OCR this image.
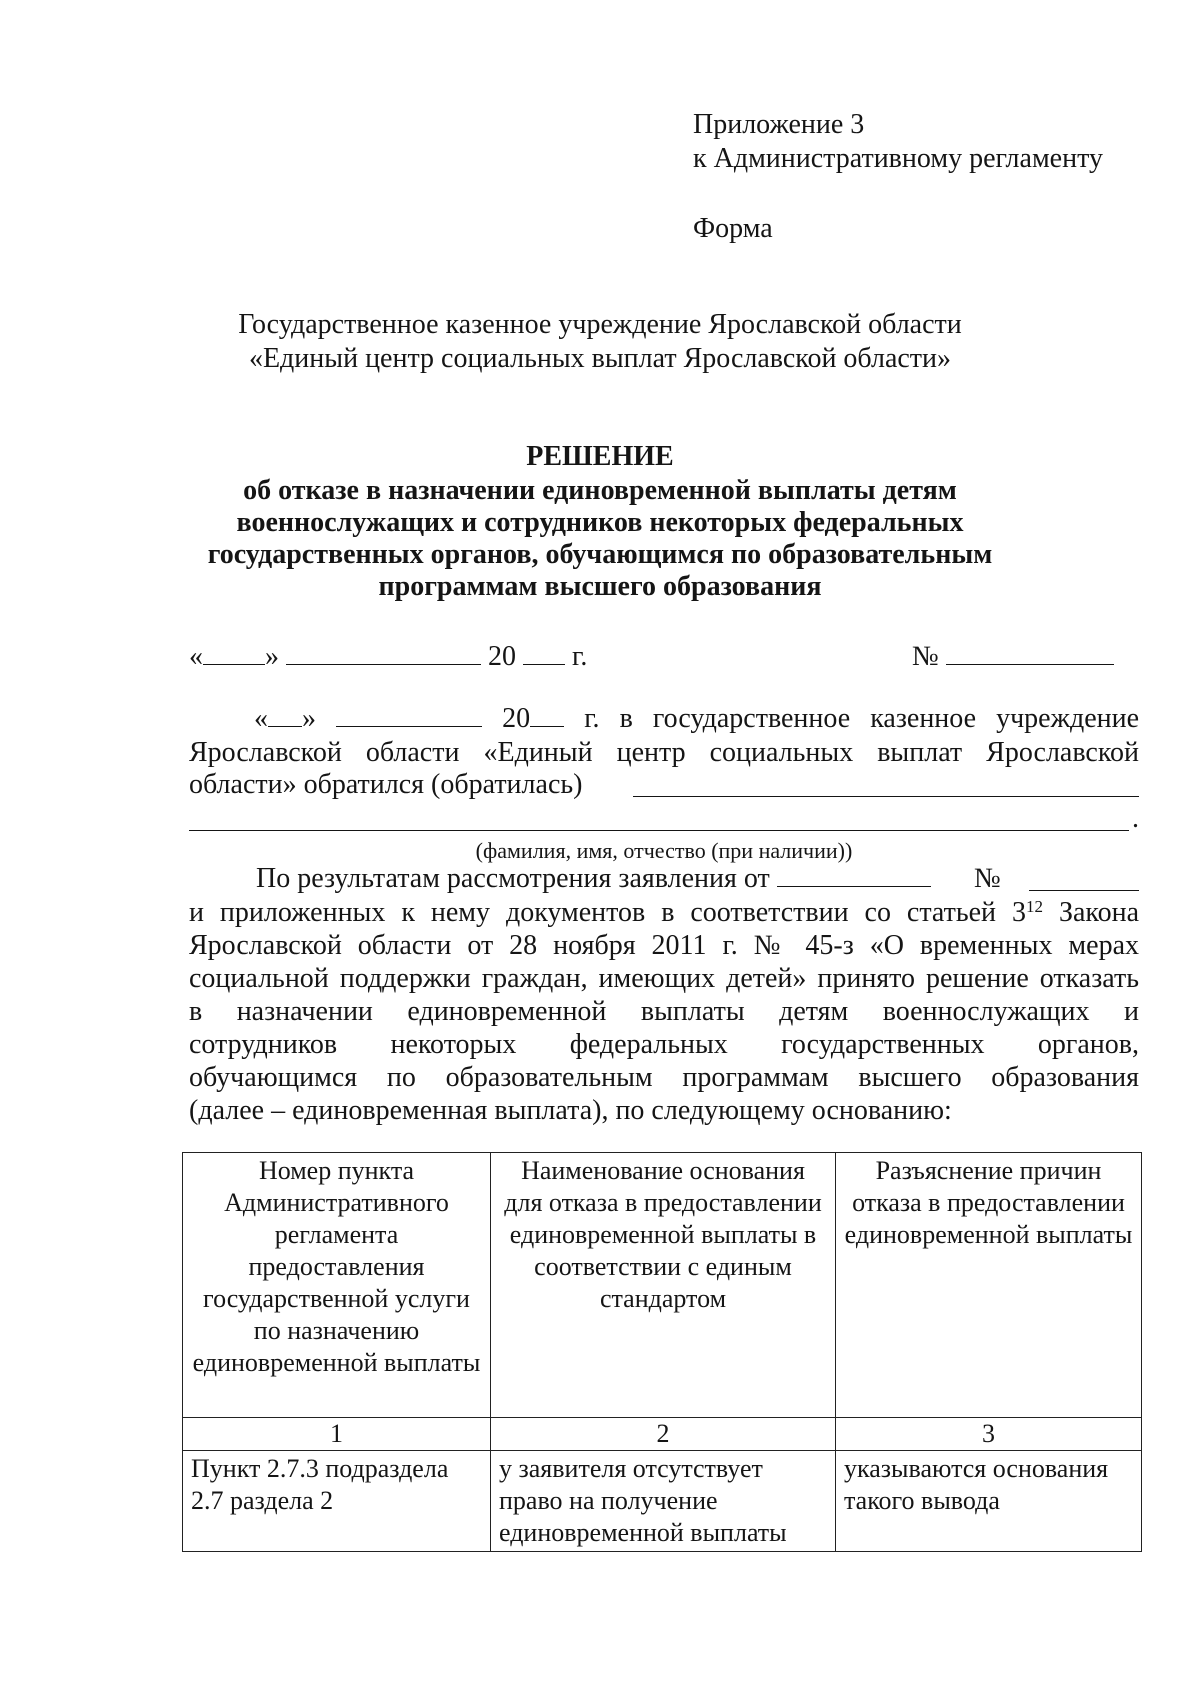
Приложение 3
к Административному регламенту
Форма
Государственное казенное учреждение Ярославской области
«Единый центр социальных выплат Ярославской области»
РЕШЕНИЕ
об отказе в назначении единовременной выплаты детям
военнослужащих и сотрудников некоторых федеральных
государственных органов, обучающимся по образовательным
программам высшего образования
« »	20 г.	№
« »	20 г. в государственное казенное учреждение
Ярославской области «Единый центр социальных выплат Ярославской
области» обратился (обратилась)
.
(фамилия, имя, отчество (при наличии))
По результатам рассмотрения заявления от	№
и приложенных к нему документов в соответствии со статьей $3^{12}$ Закона
Ярославской области от 28 ноября 2011 г. № 45-з «О временных мерах
социальной поддержки граждан, имеющих детей» принято решение отказать
в назначении единовременной выплаты детям военнослужащих и
сотрудников некоторых федеральных государственных органов,
обучающимся по образовательным программам высшего образования
(далее – единовременная выплата), по следующему основанию:
Номер пункта Административного регламента предоставления государственной услуги по назначению единовременной выплаты	Наименование основания для отказа в предоставлении единовременной выплаты в соответствии с единым стандартом	Разъяснение причин отказа в предоставлении единовременной выплаты
1	2	3
Пункт 2.7.3 подраздела 2.7 раздела 2	у заявителя отсутствует право на получение единовременной выплаты	указываются основания такого вывода
